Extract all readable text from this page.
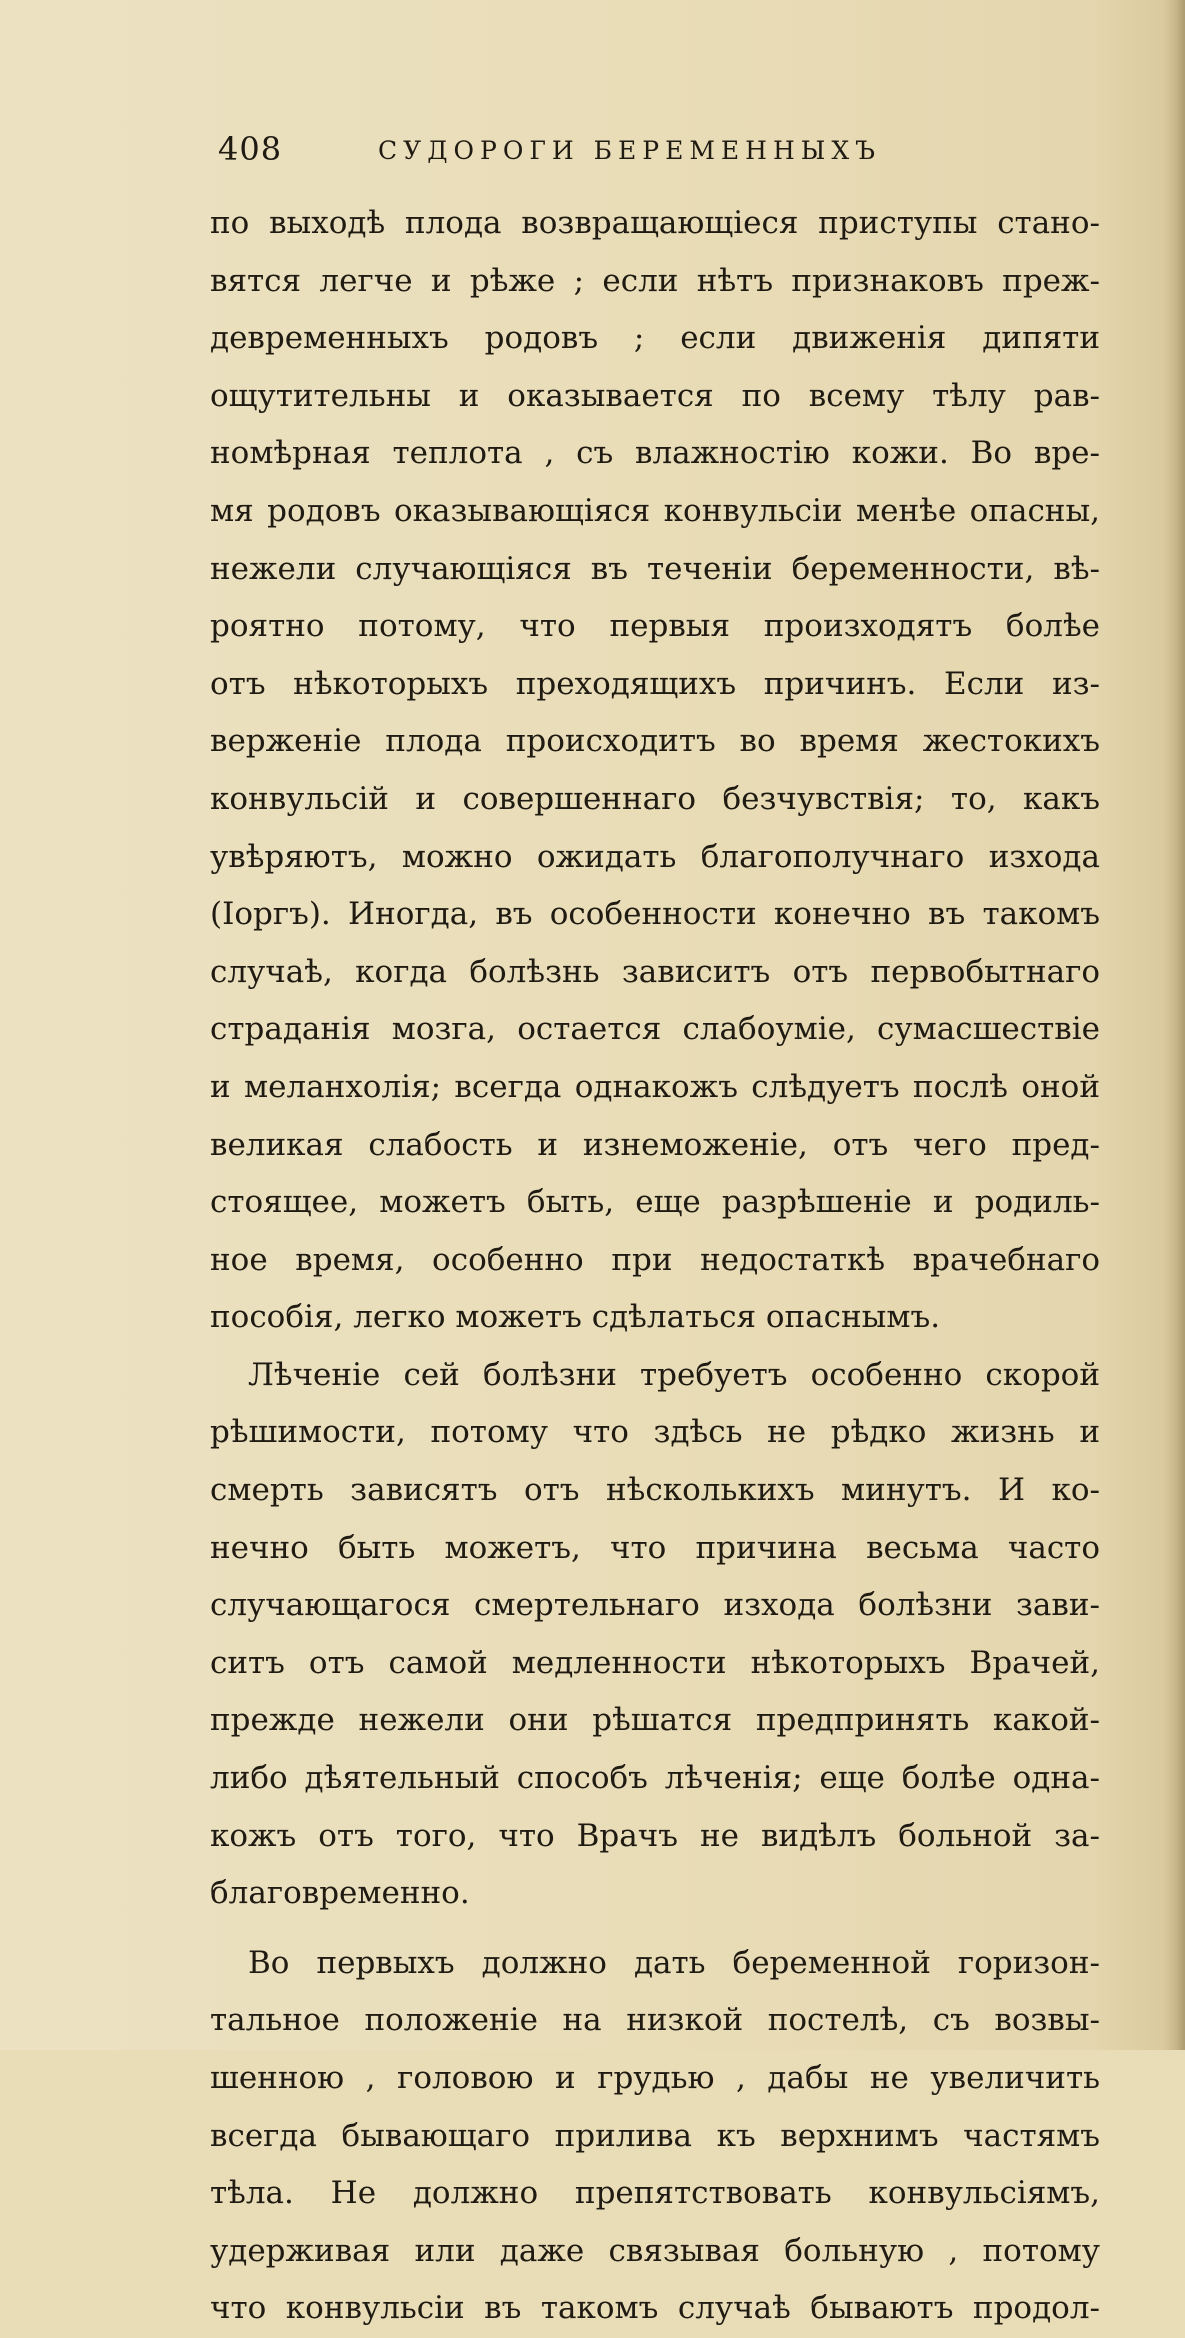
408	СУДОРОГИ БЕРЕМЕННЫХЪ
по выходѣ плода возвращающіеся приступы стано-
вятся легче и рѣже ; если нѣтъ признаковъ преж-
девременныхъ родовъ ; если движенія дипяти
ощутительны и оказывается по всему тѣлу рав-
номѣрная теплота , съ влажностію кожи. Во вре-
мя родовъ оказывающіяся конвульсіи менѣе опасны,
нежели случающіяся въ теченіи беременности, вѣ-
роятно потому, что первыя произходятъ болѣе
отъ нѣкоторыхъ преходящихъ причинъ. Если из-
верженіе плода происходитъ во время жестокихъ
конвульсій и совершеннаго безчувствія; то, какъ
увѣряютъ, можно ожидать благополучнаго изхода
(Іоргъ). Иногда, въ особенности конечно въ такомъ
случаѣ, когда болѣзнь зависитъ отъ первобытнаго
страданія мозга, остается слабоуміе, сумасшествіе
и меланхолія; всегда однакожъ слѣдуетъ послѣ оной
великая слабость и изнеможеніе, отъ чего пред-
стоящее, можетъ быть, еще разрѣшеніе и родиль-
ное время, особенно при недостаткѣ врачебнаго
пособія, легко можетъ сдѣлаться опаснымъ.
Лѣченіе сей болѣзни требуетъ особенно скорой
рѣшимости, потому что здѣсь не рѣдко жизнь и
смерть зависятъ отъ нѣсколькихъ минутъ. И ко-
нечно быть можетъ, что причина весьма часто
случающагося смертельнаго изхода болѣзни зави-
ситъ отъ самой медленности нѣкоторыхъ Врачей,
прежде нежели они рѣшатся предпринять какой-
либо дѣятельный способъ лѣченія; еще болѣе одна-
кожъ отъ того, что Врачъ не видѣлъ больной за-
благовременно.
Во первыхъ должно дать беременной горизон-
тальное положеніе на низкой постелѣ, съ возвы-
шенною , головою и грудью , дабы не увеличить
всегда бывающаго прилива къ верхнимъ частямъ
тѣла. Не должно препятствовать конвульсіямъ,
удерживая или даже связывая больную , потому
что конвульсіи въ такомъ случаѣ бываютъ продол-
